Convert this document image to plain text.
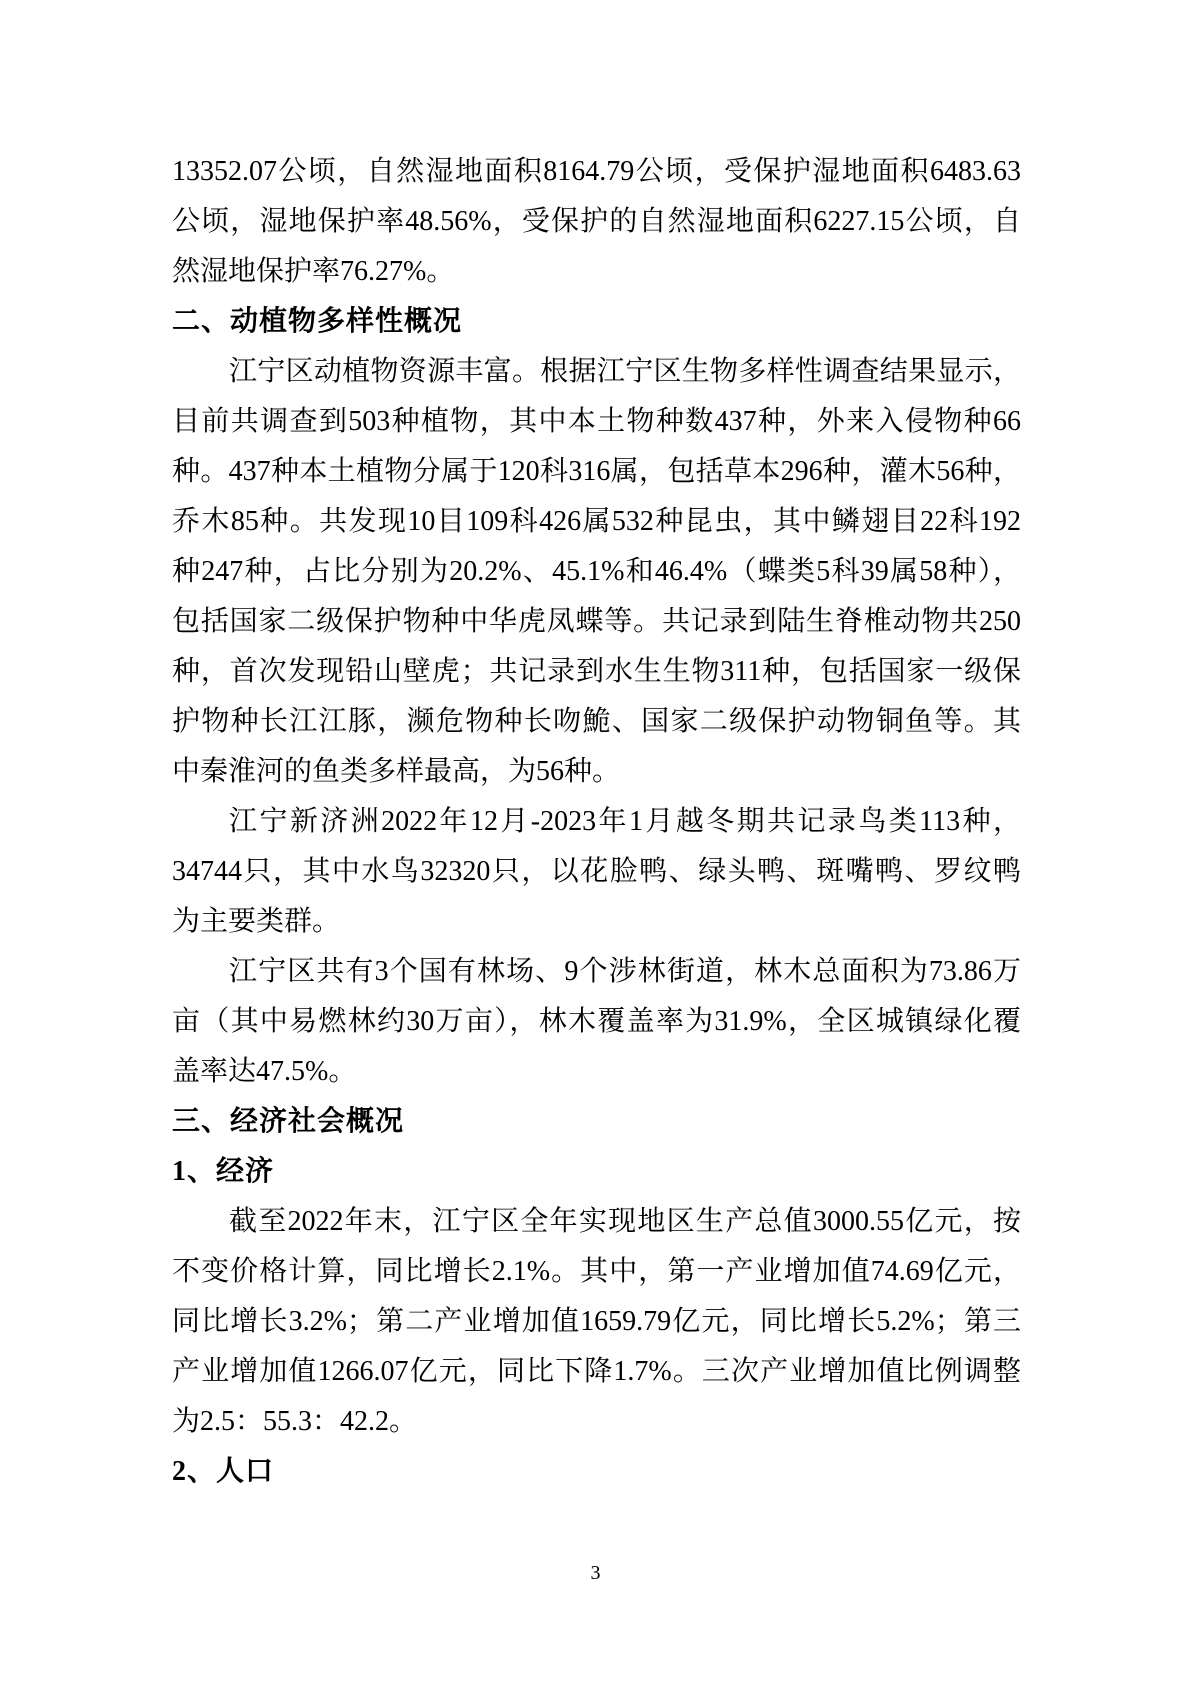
13352.07公顷，自然湿地面积8164.79公顷，受保护湿地面积6483.63
公顷，湿地保护率48.56%，受保护的自然湿地面积6227.15公顷，自
然湿地保护率76.27%。
二、动植物多样性概况
江宁区动植物资源丰富。根据江宁区生物多样性调查结果显示，
目前共调查到503种植物，其中本土物种数437种，外来入侵物种66
种。437种本土植物分属于120科316属，包括草本296种，灌木56种，
乔木85种。共发现10目109科426属532种昆虫，其中鳞翅目22科192
种247种，占比分别为20.2%、45.1%和46.4%（蝶类5科39属58种），
包括国家二级保护物种中华虎凤蝶等。共记录到陆生脊椎动物共250
种，首次发现铅山壁虎；共记录到水生生物311种，包括国家一级保
护物种长江江豚，濒危物种长吻鮠、国家二级保护动物铜鱼等。其
中秦淮河的鱼类多样最高，为56种。
江宁新济洲2022年12月-2023年1月越冬期共记录鸟类113种，
34744只，其中水鸟32320只，以花脸鸭、绿头鸭、斑嘴鸭、罗纹鸭
为主要类群。
江宁区共有3个国有林场、9个涉林街道，林木总面积为73.86万
亩（其中易燃林约30万亩），林木覆盖率为31.9%，全区城镇绿化覆
盖率达47.5%。
三、经济社会概况
1、经济
截至2022年末，江宁区全年实现地区生产总值3000.55亿元，按
不变价格计算，同比增长2.1%。其中，第一产业增加值74.69亿元，
同比增长3.2%；第二产业增加值1659.79亿元，同比增长5.2%；第三
产业增加值1266.07亿元，同比下降1.7%。三次产业增加值比例调整
为2.5：55.3：42.2。
2、人口
3
